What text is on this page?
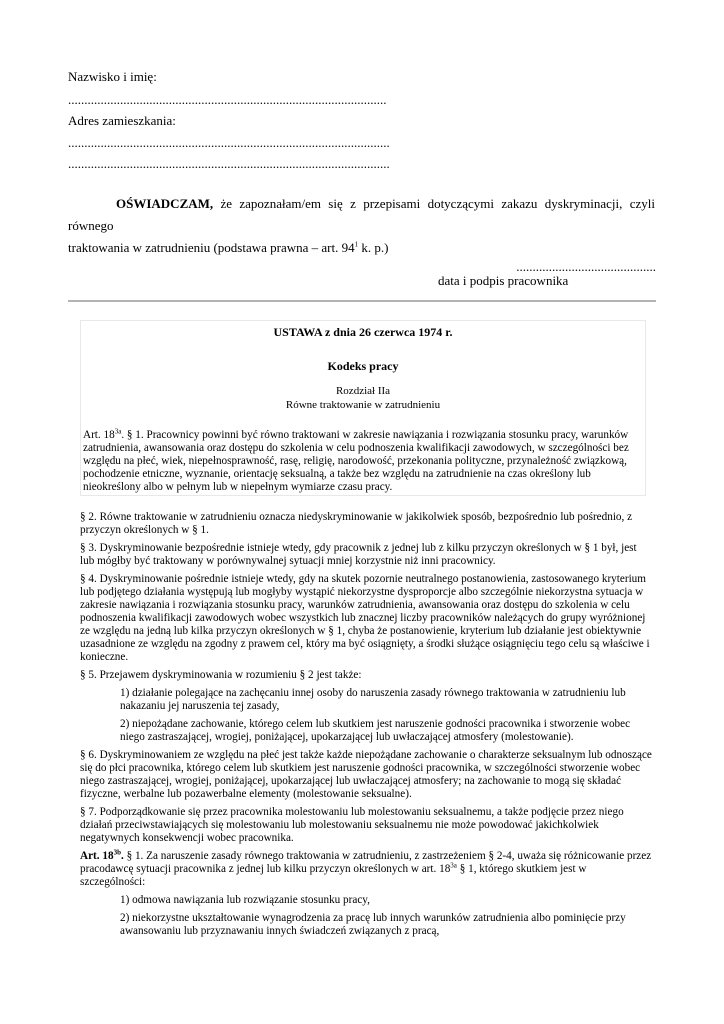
Nazwisko i imię:
..................................................................................................
Adres zamieszkania:
...................................................................................................
...................................................................................................

OŚWIADCZAM, że zapoznałam/em się z przepisami dotyczącymi zakazu dyskryminacji, czyli równego

traktowania w zatrudnieniu (podstawa prawna – art. $94^1$ k. p.)

...........................................
data i podpis pracownika
USTAWA z dnia 26 czerwca 1974 r.
Kodeks pracy
Rozdział IIa
Równe traktowanie w zatrudnieniu
Art. $18^{3a}$. § 1. Pracownicy powinni być równo traktowani w zakresie nawiązania i rozwiązania stosunku pracy, warunków zatrudnienia, awansowania oraz dostępu do szkolenia w celu podnoszenia kwalifikacji zawodowych, w szczególności bez względu na płeć, wiek, niepełnosprawność, rasę, religię, narodowość, przekonania polityczne, przynależność związkową, pochodzenie etniczne, wyznanie, orientację seksualną, a także bez względu na zatrudnienie na czas określony lub nieokreślony albo w pełnym lub w niepełnym wymiarze czasu pracy.

§ 2. Równe traktowanie w zatrudnieniu oznacza niedyskryminowanie w jakikolwiek sposób, bezpośrednio lub pośrednio, z przyczyn określonych w § 1.

§ 3. Dyskryminowanie bezpośrednie istnieje wtedy, gdy pracownik z jednej lub z kilku przyczyn określonych w § 1 był, jest lub mógłby być traktowany w porównywalnej sytuacji mniej korzystnie niż inni pracownicy.

§ 4. Dyskryminowanie pośrednie istnieje wtedy, gdy na skutek pozornie neutralnego postanowienia, zastosowanego kryterium lub podjętego działania występują lub mogłyby wystąpić niekorzystne dysproporcje albo szczególnie niekorzystna sytuacja w zakresie nawiązania i rozwiązania stosunku pracy, warunków zatrudnienia, awansowania oraz dostępu do szkolenia w celu podnoszenia kwalifikacji zawodowych wobec wszystkich lub znacznej liczby pracowników należących do grupy wyróżnionej ze względu na jedną lub kilka przyczyn określonych w § 1, chyba że postanowienie, kryterium lub działanie jest obiektywnie uzasadnione ze względu na zgodny z prawem cel, który ma być osiągnięty, a środki służące osiągnięciu tego celu są właściwe i konieczne.

§ 5. Przejawem dyskryminowania w rozumieniu § 2 jest także:

1) działanie polegające na zachęcaniu innej osoby do naruszenia zasady równego traktowania w zatrudnieniu lub nakazaniu jej naruszenia tej zasady,

2) niepożądane zachowanie, którego celem lub skutkiem jest naruszenie godności pracownika i stworzenie wobec niego zastraszającej, wrogiej, poniżającej, upokarzającej lub uwłaczającej atmosfery (molestowanie).

§ 6. Dyskryminowaniem ze względu na płeć jest także każde niepożądane zachowanie o charakterze seksualnym lub odnoszące się do płci pracownika, którego celem lub skutkiem jest naruszenie godności pracownika, w szczególności stworzenie wobec niego zastraszającej, wrogiej, poniżającej, upokarzającej lub uwłaczającej atmosfery; na zachowanie to mogą się składać fizyczne, werbalne lub pozawerbalne elementy (molestowanie seksualne).

§ 7. Podporządkowanie się przez pracownika molestowaniu lub molestowaniu seksualnemu, a także podjęcie przez niego działań przeciwstawiających się molestowaniu lub molestowaniu seksualnemu nie może powodować jakichkolwiek negatywnych konsekwencji wobec pracownika.

Art. $18^{3b}$. § 1. Za naruszenie zasady równego traktowania w zatrudnieniu, z zastrzeżeniem § 2-4, uważa się różnicowanie przez pracodawcę sytuacji pracownika z jednej lub kilku przyczyn określonych w art. $18^{3a}$ § 1, którego skutkiem jest w szczególności:

1) odmowa nawiązania lub rozwiązanie stosunku pracy,

2) niekorzystne ukształtowanie wynagrodzenia za pracę lub innych warunków zatrudnienia albo pominięcie przy awansowaniu lub przyznawaniu innych świadczeń związanych z pracą,
